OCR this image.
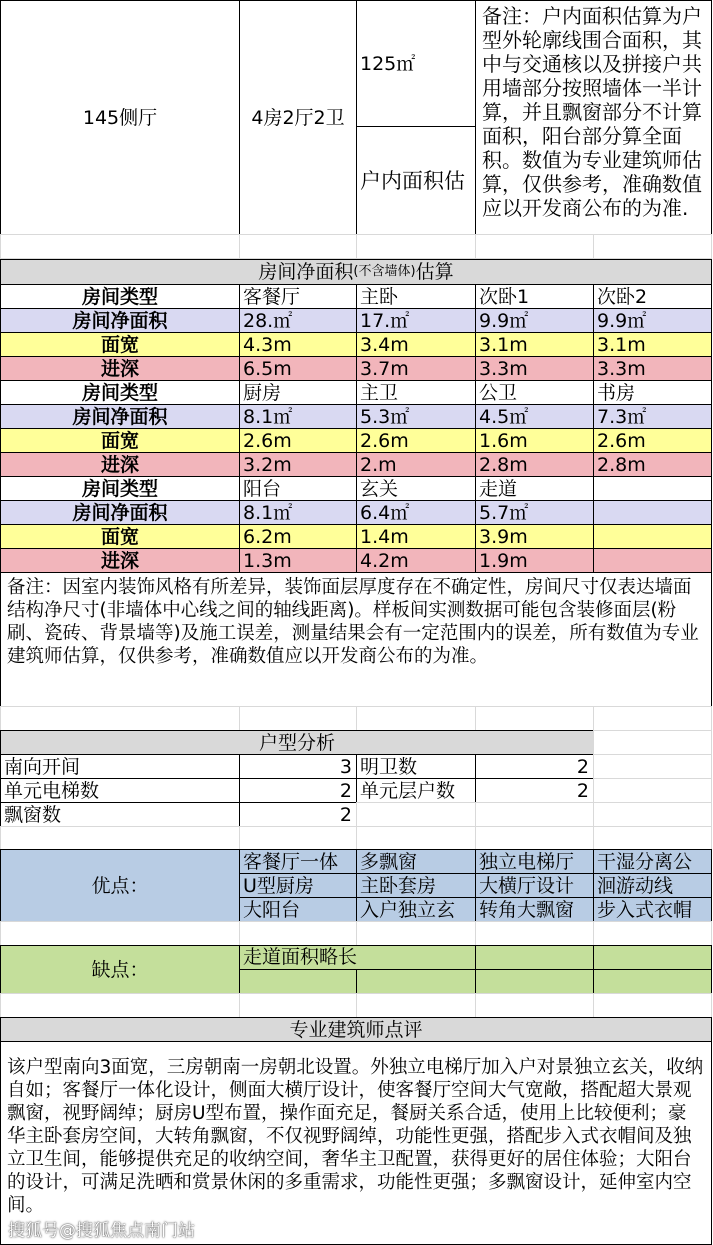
145侧厅	4房2厅2卫
125㎡
户内面积估
备注：户内面积估算为户型外轮廓线围合面积，其中与交通核以及拼接户共用墙部分按照墙体一半计算，并且飘窗部分不计算面积，阳台部分算全面积。数值为专业建筑师估算，仅供参考，准确数值应以开发商公布的为准.
房间净面积 (不含墙体) 估算
房间类型	客餐厅	主卧	次卧1	次卧2
房间净面积	28.㎡	17.㎡	9.9㎡	9.9㎡
面宽	4.3m	3.4m	3.1m	3.1m
进深	6.5m	3.7m	3.3m	3.3m
房间类型	厨房	主卫	公卫	书房
房间净面积	8.1㎡	5.3㎡	4.5㎡	7.3㎡
面宽	2.6m	2.6m	1.6m	2.6m
进深	3.2m	2.m	2.8m	2.8m
房间类型	阳台	玄关	走道
房间净面积	8.1㎡	6.4㎡	5.7㎡
面宽	6.2m	1.4m	3.9m
进深	1.3m	4.2m	1.9m
备注：因室内装饰风格有所差异，装饰面层厚度存在不确定性，房间尺寸仅表达墙面结构净尺寸(非墙体中心线之间的轴线距离)。样板间实测数据可能包含装修面层(粉刷、瓷砖、背景墙等)及施工误差，测量结果会有一定范围内的误差，所有数值为专业建筑师估算，仅供参考，准确数值应以开发商公布的为准。
户型分析
南向开间	3 明卫数	2
单元电梯数	2 单元层户数	2
飘窗数	2
优点：
客餐厅一体	多飘窗	独立电梯厅	干湿分离公
U型厨房	主卧套房	大横厅设计	洄游动线
大阳台	入户独立玄	转角大飘窗	步入式衣帽
缺点：
走道面积略长
专业建筑师点评
该户型南向3面宽，三房朝南一房朝北设置。外独立电梯厅加入户对景独立玄关，收纳自如；客餐厅一体化设计，侧面大横厅设计，使客餐厅空间大气宽敞，搭配超大景观飘窗，视野阔绰；厨房U型布置，操作面充足，餐厨关系合适，使用上比较便利；豪华主卧套房空间，大转角飘窗，不仅视野阔绰，功能性更强，搭配步入式衣帽间及独立卫生间，能够提供充足的收纳空间，奢华主卫配置，获得更好的居住体验；大阳台的设计，可满足洗晒和赏景休闲的多重需求，功能性更强；多飘窗设计，延伸室内空间。
搜狐号@搜狐焦点南门站
